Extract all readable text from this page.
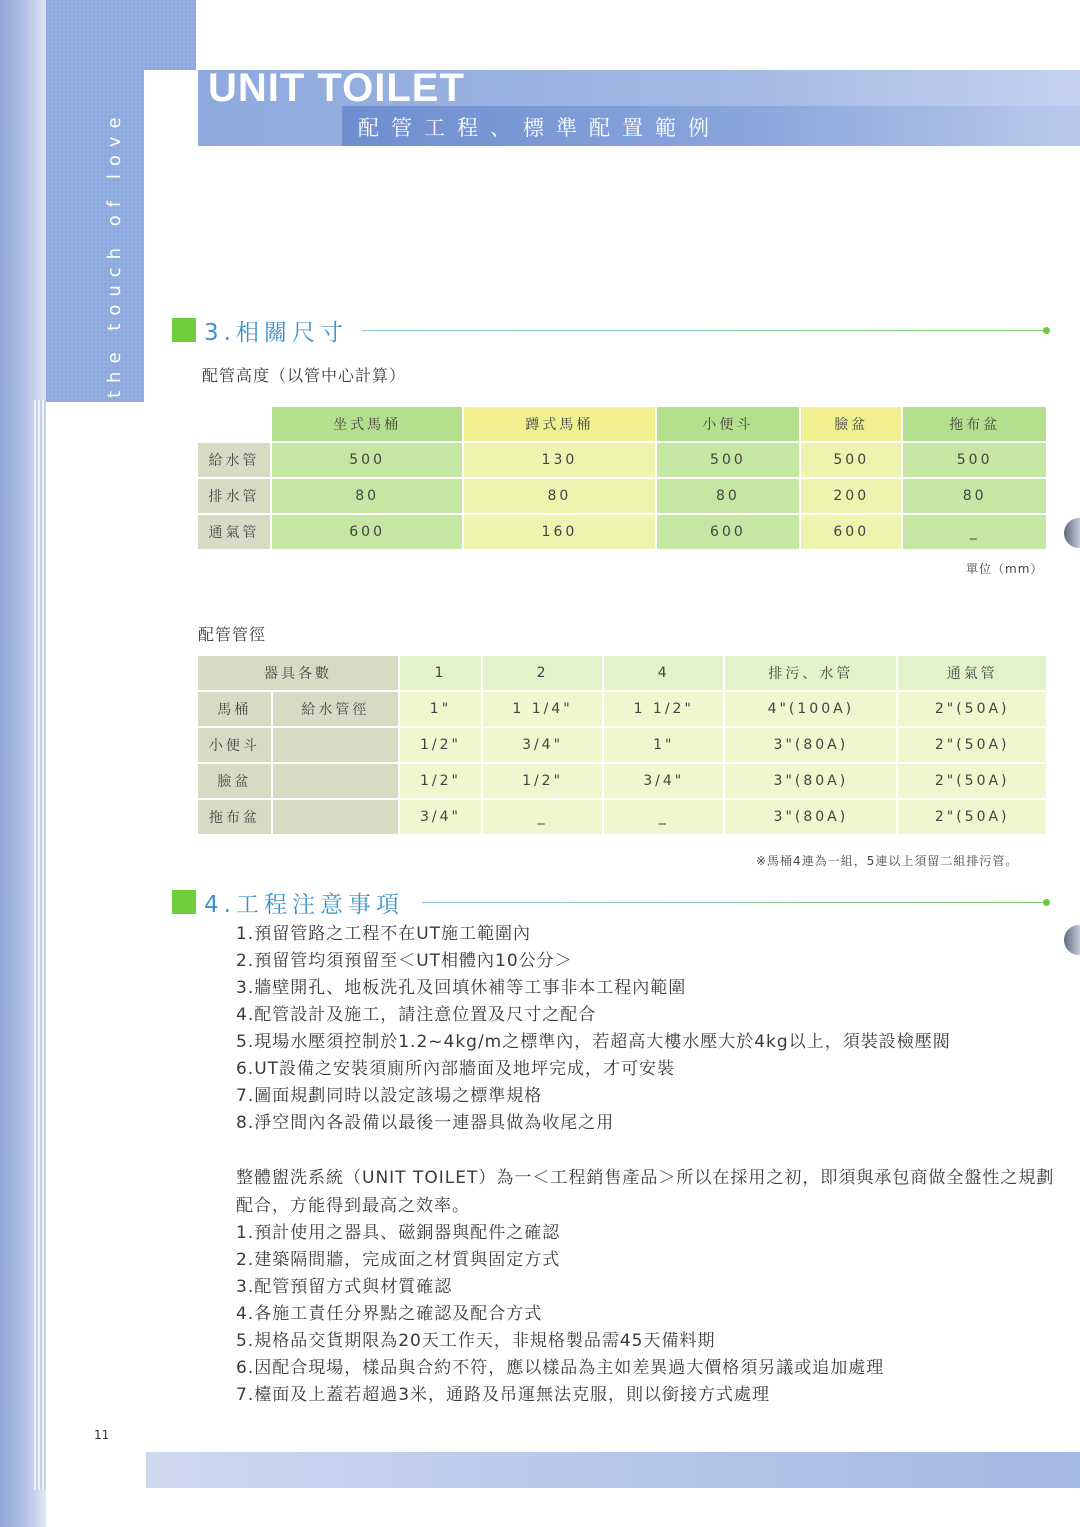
the touch of love
UNIT TOILET
配管工程、標準配置範例
3.相關尺寸
配管高度（以管中心計算）
	坐式馬桶	蹲式馬桶	小便斗	臉盆	拖布盆
給水管	500	130	500	500	500
排水管	80	80	80	200	80
通氣管	600	160	600	600	_
單位（mm）
配管管徑
器具各數		1	2	4	排污、水管	通氣管
馬桶	給水管徑	1"	1 1/4"	1 1/2"	4"(100A)	2"(50A)
小便斗		1/2"	3/4"	1"	3"(80A)	2"(50A)
臉盆		1/2"	1/2"	3/4"	3"(80A)	2"(50A)
拖布盆		3/4"	_	_	3"(80A)	2"(50A)
※馬桶4連為一組，5連以上須留二組排污管。
4.工程注意事項
1.預留管路之工程不在UT施工範圍內
2.預留管均須預留至＜UT相體內10公分＞
3.牆壁開孔、地板洗孔及回填休補等工事非本工程內範圍
4.配管設計及施工，請注意位置及尺寸之配合
5.現場水壓須控制於1.2~4kg/m之標準內，若超高大樓水壓大於4kg以上，須裝設檢壓閥
6.UT設備之安裝須廁所內部牆面及地坪完成，才可安裝
7.圖面規劃同時以設定該場之標準規格
8.淨空間內各設備以最後一連器具做為收尾之用
整體盥洗系統（UNIT TOILET）為一＜工程銷售產品＞所以在採用之初，即須與承包商做全盤性之規劃配合，方能得到最高之效率。
1.預計使用之器具、磁銅器與配件之確認
2.建築隔間牆，完成面之材質與固定方式
3.配管預留方式與材質確認
4.各施工責任分界點之確認及配合方式
5.規格品交貨期限為20天工作天，非規格製品需45天備料期
6.因配合現場，樣品與合約不符，應以樣品為主如差異過大價格須另議或追加處理
7.檯面及上蓋若超過3米，通路及吊運無法克服，則以銜接方式處理
11
